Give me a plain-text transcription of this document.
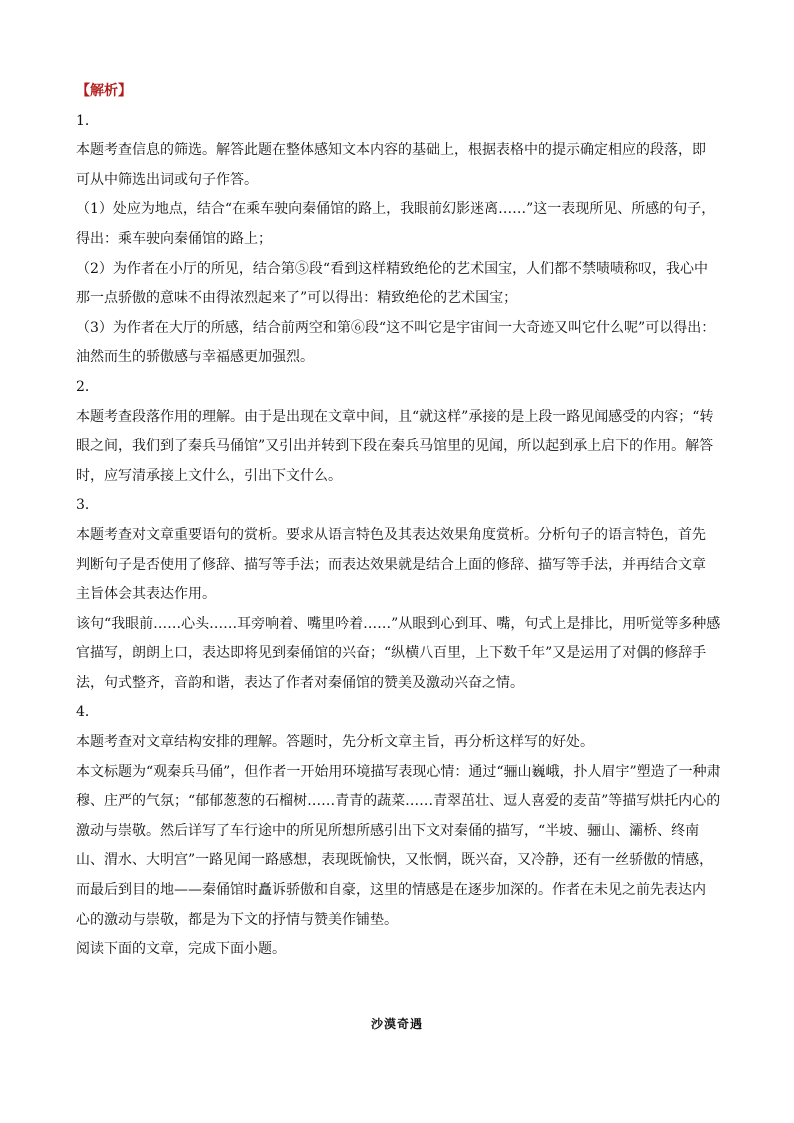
【解析】
1．
本题考查信息的筛选。解答此题在整体感知文本内容的基础上，根据表格中的提示确定相应的段落，即
可从中筛选出词或句子作答。
（1）处应为地点，结合“在乘车驶向秦俑馆的路上，我眼前幻影迷离……”这一表现所见、所感的句子，
得出：乘车驶向秦俑馆的路上；
（2）为作者在小厅的所见，结合第⑤段“看到这样精致绝伦的艺术国宝，人们都不禁啧啧称叹，我心中
那一点骄傲的意味不由得浓烈起来了”可以得出：精致绝伦的艺术国宝；
（3）为作者在大厅的所感，结合前两空和第⑥段“这不叫它是宇宙间一大奇迹又叫它什么呢”可以得出：
油然而生的骄傲感与幸福感更加强烈。
2．
本题考查段落作用的理解。由于是出现在文章中间，且“就这样”承接的是上段一路见闻感受的内容；“转
眼之间，我们到了秦兵马俑馆”又引出并转到下段在秦兵马馆里的见闻，所以起到承上启下的作用。解答
时，应写清承接上文什么，引出下文什么。
3．
本题考查对文章重要语句的赏析。要求从语言特色及其表达效果角度赏析。分析句子的语言特色，首先
判断句子是否使用了修辞、描写等手法；而表达效果就是结合上面的修辞、描写等手法，并再结合文章
主旨体会其表达作用。
该句“我眼前……心头……耳旁响着、嘴里吟着……”从眼到心到耳、嘴，句式上是排比，用听觉等多种感
官描写，朗朗上口，表达即将见到秦俑馆的兴奋；“纵横八百里，上下数千年”又是运用了对偶的修辞手
法，句式整齐，音韵和谐，表达了作者对秦俑馆的赞美及激动兴奋之情。
4．
本题考查对文章结构安排的理解。答题时，先分析文章主旨，再分析这样写的好处。
本文标题为“观秦兵马俑”，但作者一开始用环境描写表现心情：通过“骊山巍峨，扑人眉宇”塑造了一种肃
穆、庄严的气氛；“郁郁葱葱的石榴树……青青的蔬菜……青翠茁壮、逗人喜爱的麦苗”等描写烘托内心的
激动与崇敬。然后详写了车行途中的所见所想所感引出下文对秦俑的描写，“半坡、骊山、灞桥、终南
山、渭水、大明宫”一路见闻一路感想，表现既愉快，又怅惘，既兴奋，又冷静，还有一丝骄傲的情感，
而最后到目的地——秦俑馆时矗诉骄傲和自豪，这里的情感是在逐步加深的。作者在未见之前先表达内
心的激动与崇敬，都是为下文的抒情与赞美作铺垫。
阅读下面的文章，完成下面小题。
沙漠奇遇
